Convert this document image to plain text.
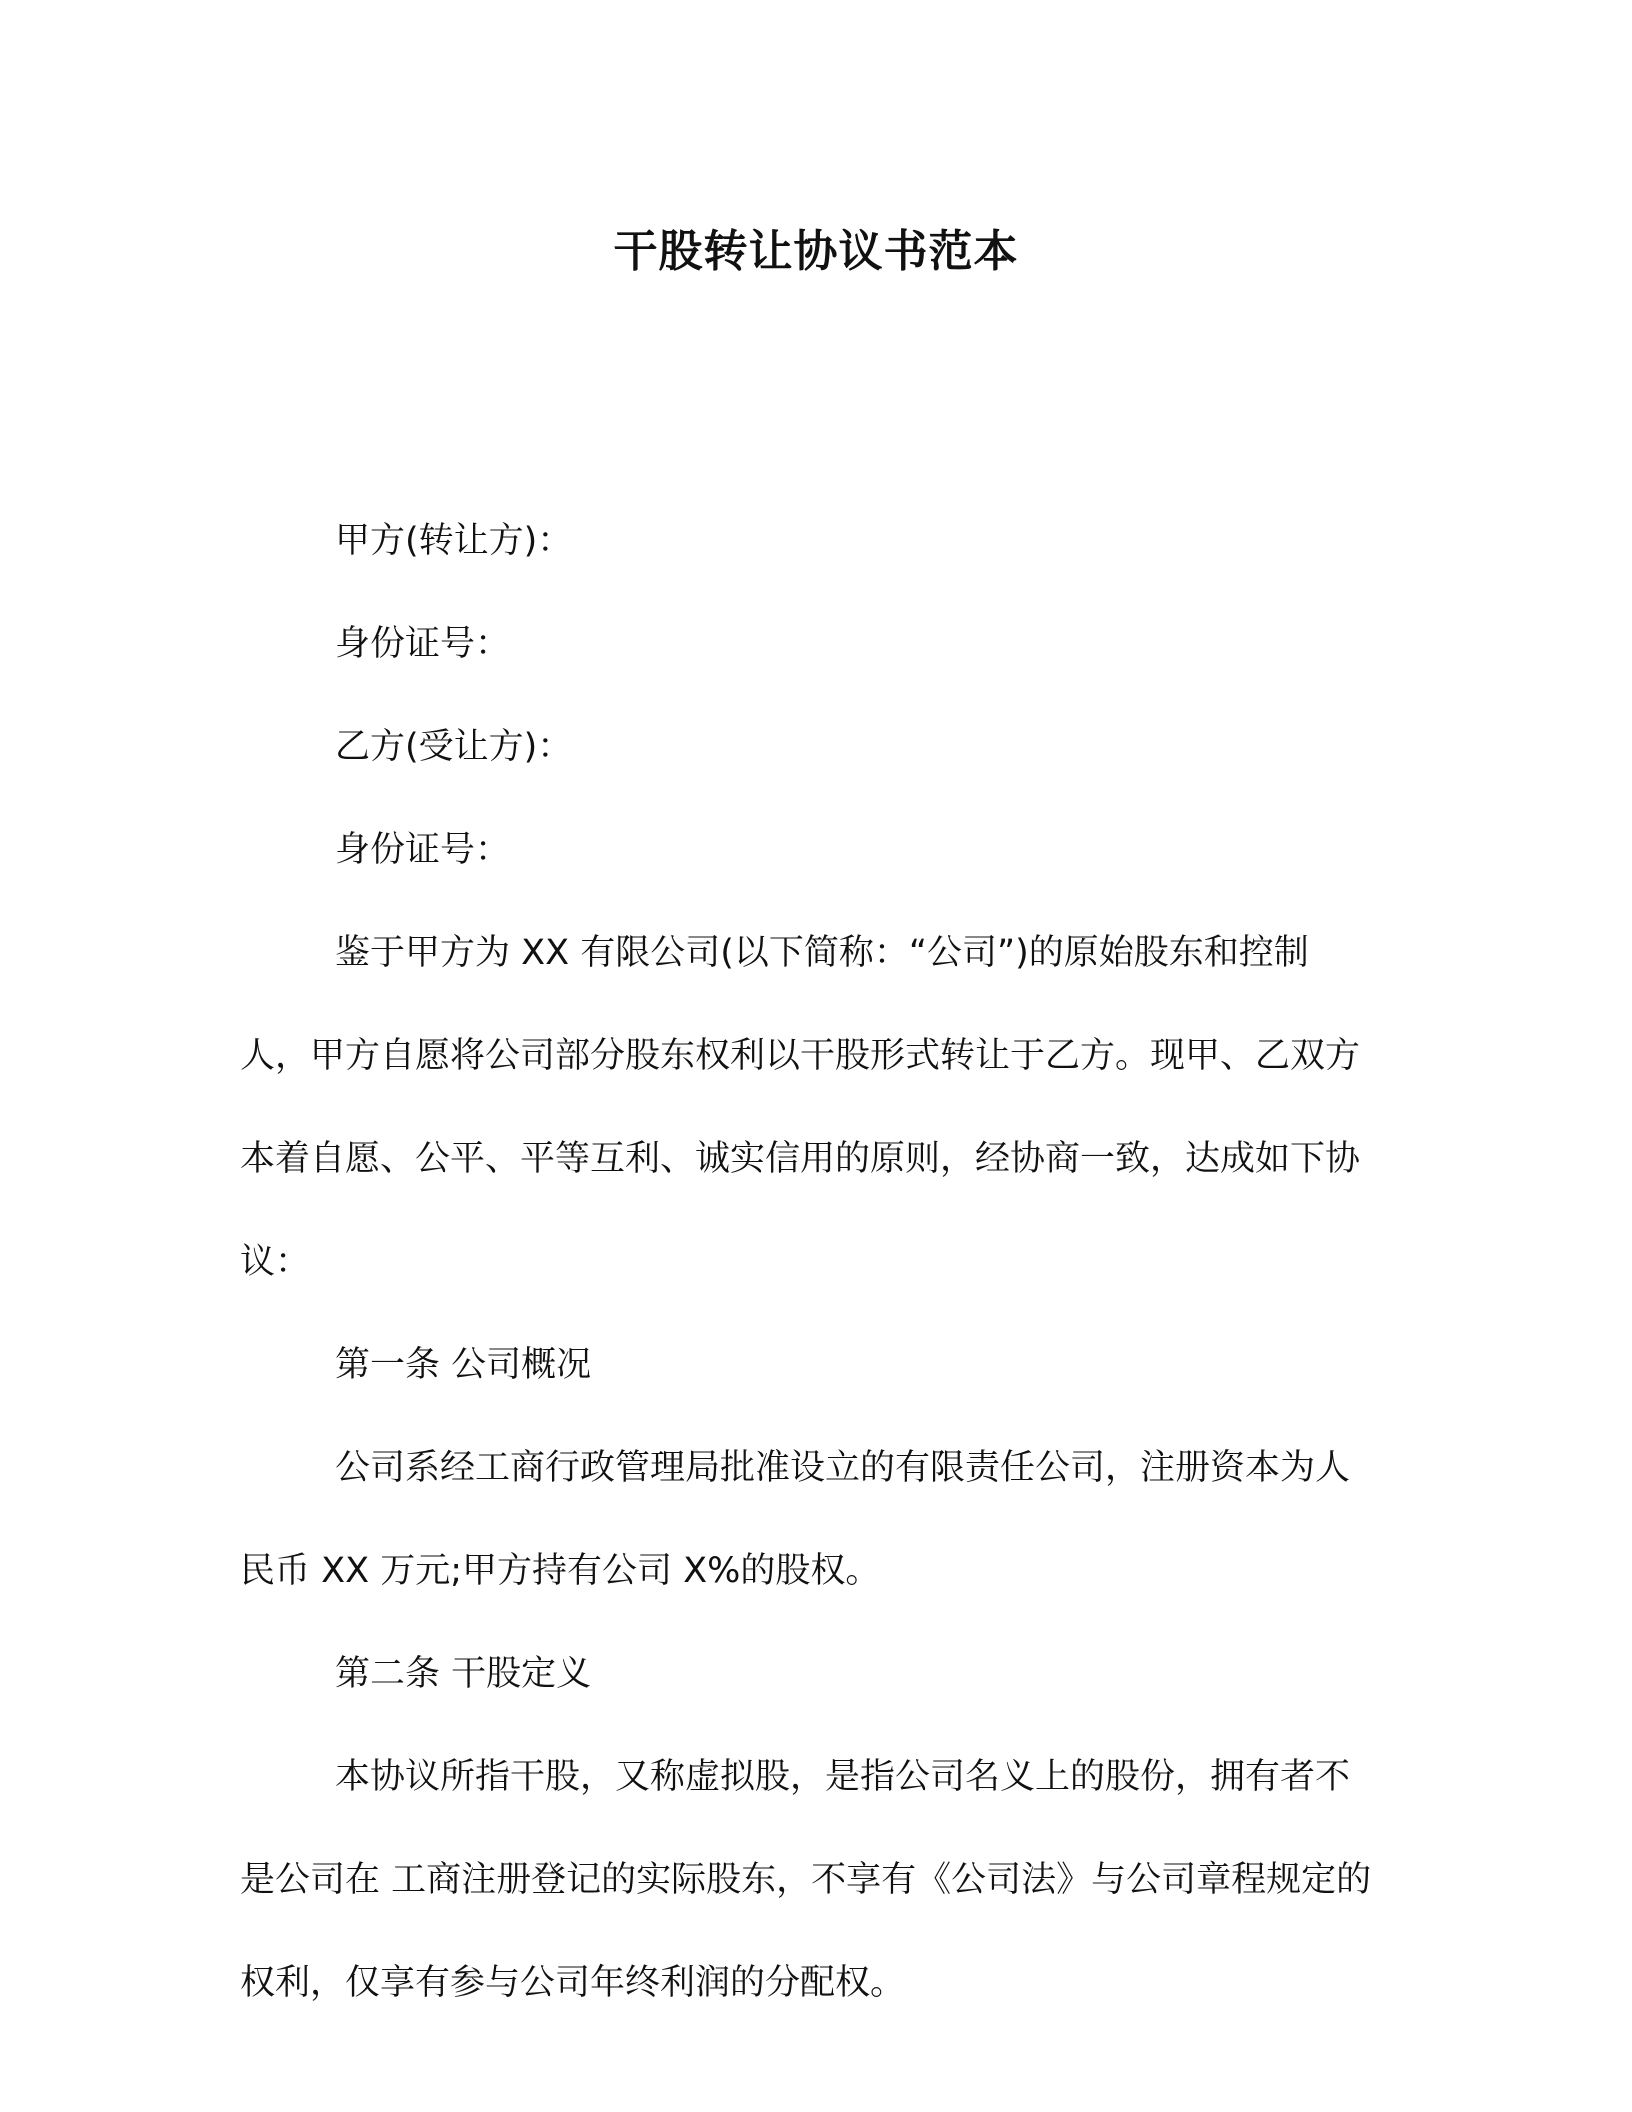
干股转让协议书范本

甲方(转让方)：

身份证号：

乙方(受让方)：

身份证号：

鉴于甲方为 XX 有限公司(以下简称：“公司”)的原始股东和控制人，甲方自愿将公司部分股东权利以干股形式转让于乙方。现甲、乙双方本着自愿、公平、平等互利、诚实信用的原则，经协商一致，达成如下协议：

第一条 公司概况

公司系经工商行政管理局批准设立的有限责任公司，注册资本为人民币 XX 万元;甲方持有公司 X%的股权。

第二条 干股定义

本协议所指干股，又称虚拟股，是指公司名义上的股份，拥有者不是公司在 工商注册登记的实际股东，不享有《公司法》与公司章程规定的权利，仅享有参与公司年终利润的分配权。
